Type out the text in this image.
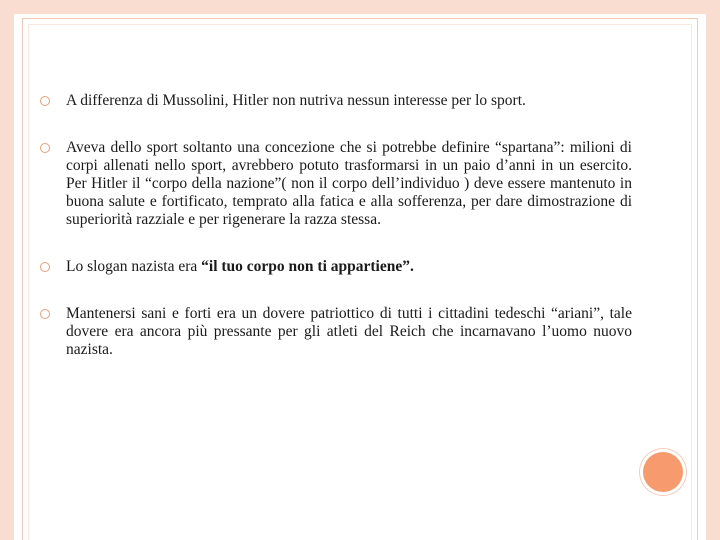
A differenza di Mussolini, Hitler non nutriva nessun interesse per lo sport.
Aveva dello sport soltanto una concezione che si potrebbe definire “spartana”: milioni di corpi allenati nello sport, avrebbero potuto trasformarsi in un paio d’anni in un esercito. Per Hitler il “corpo della nazione”( non il corpo dell’individuo ) deve essere mantenuto in buona salute e fortificato, temprato alla fatica e alla sofferenza, per dare dimostrazione di superiorità razziale e per rigenerare la razza stessa.
Lo slogan nazista era “il tuo corpo non ti appartiene”.
Mantenersi sani e forti era un dovere patriottico di tutti i cittadini tedeschi “ariani”, tale dovere era ancora più pressante per gli atleti del Reich che incarnavano l’uomo nuovo nazista.
